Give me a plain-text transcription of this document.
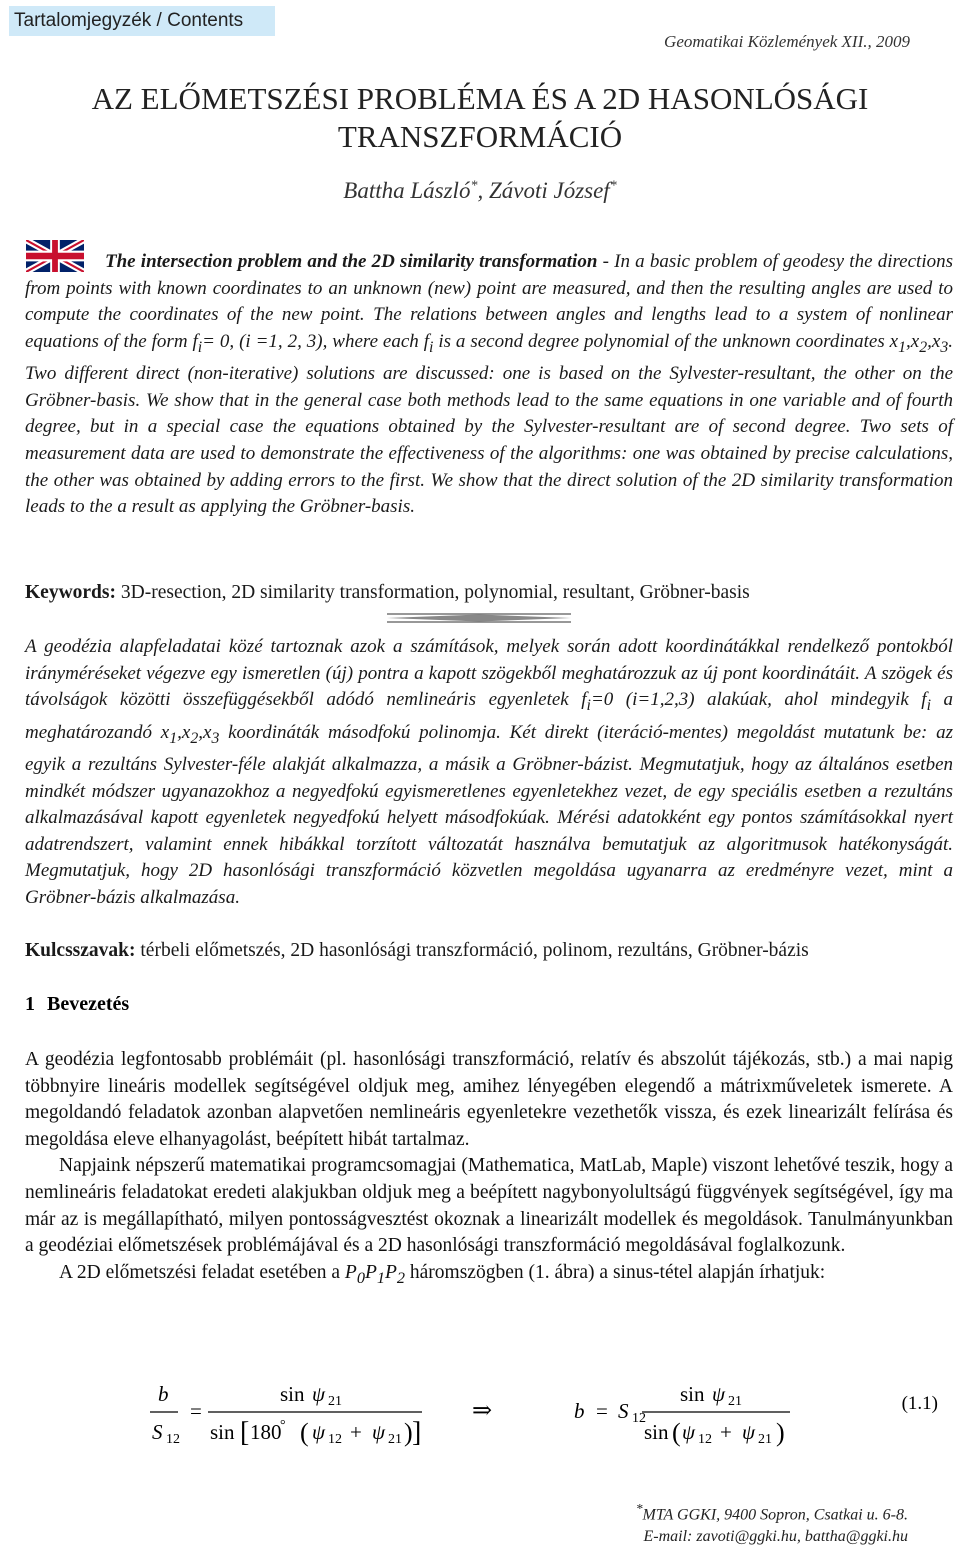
Tartalomjegyzék / Contents
Geomatikai Közlemények XII., 2009
AZ ELŐMETSZÉSI PROBLÉMA ÉS A 2D HASONLÓSÁGI
TRANSZFORMÁCIÓ
Battha László*, Závoti József*
The intersection problem and the 2D similarity transformation - In a basic problem of geodesy the directions from points with known coordinates to an unknown (new) point are measured, and then the resulting angles are used to compute the coordinates of the new point. The relations between angles and lengths lead to a system of nonlinear equations of the form $f_i= 0$, (i =1, 2, 3), where each $f_i$ is a second degree polynomial of the unknown coordinates $x_1,x_2,x_3$. Two different direct (non-iterative) solutions are discussed: one is based on the Sylvester-resultant, the other on the Gröbner-basis. We show that in the general case both methods lead to the same equations in one variable and of fourth degree, but in a special case the equations obtained by the Sylvester-resultant are of second degree. Two sets of measurement data are used to demonstrate the effectiveness of the algorithms: one was obtained by precise calculations, the other was obtained by adding errors to the first. We show that the direct solution of the 2D similarity transformation leads to the a result as applying the Gröbner-basis.
Keywords: 3D-resection, 2D similarity transformation, polynomial, resultant, Gröbner-basis
A geodézia alapfeladatai közé tartoznak azok a számítások, melyek során adott koordinátákkal rendelkező pontokból irányméréseket végezve egy ismeretlen (új) pontra a kapott szögekből meghatározzuk az új pont koordinátáit. A szögek és távolságok közötti összefüggésekből adódó nemlineáris egyenletek $f_i=0$ (i=1,2,3) alakúak, ahol mindegyik $f_i$ a meghatározandó $x_1,x_2,x_3$ koordináták másodfokú polinomja. Két direkt (iteráció-mentes) megoldást mutatunk be: az egyik a rezultáns Sylvester-féle alakját alkalmazza, a másik a Gröbner-bázist. Megmutatjuk, hogy az általános esetben mindkét módszer ugyanazokhoz a negyedfokú egyismeretlenes egyenletekhez vezet, de egy speciális esetben a rezultáns alkalmazásával kapott egyenletek negyedfokú helyett másodfokúak. Mérési adatokként egy pontos számításokkal nyert adatrendszert, valamint ennek hibákkal torzított változatát használva bemutatjuk az algoritmusok hatékonyságát. Megmutatjuk, hogy 2D hasonlósági transzformáció közvetlen megoldása ugyanarra az eredményre vezet, mint a Gröbner-bázis alkalmazása.
Kulcsszavak: térbeli előmetszés, 2D hasonlósági transzformáció, polinom, rezultáns, Gröbner-bázis
1 Bevezetés

A geodézia legfontosabb problémáit (pl. hasonlósági transzformáció, relatív és abszolút tájékozás, stb.) a mai napig többnyire lineáris modellek segítségével oldjuk meg, amihez lényegében elegendő a mátrixműveletek ismerete. A megoldandó feladatok azonban alapvetően nemlineáris egyenletekre vezethetők vissza, és ezek linearizált felírása és megoldása eleve elhanyagolást, beépített hibát tartalmaz.

Napjaink népszerű matematikai programcsomagjai (Mathematica, MatLab, Maple) viszont lehetővé teszik, hogy a nemlineáris feladatokat eredeti alakjukban oldjuk meg a beépített nagybonyolultságú függvények segítségével, így ma már az is megállapítható, milyen pontosságvesztést okoznak a linearizált modellek és megoldások. Tanulmányunkban a geodéziai előmetszések problémájával és a 2D hasonlósági transzformáció megoldásával foglalkozunk.

A 2D előmetszési feladat esetében a $P_0P_1P_2$ háromszögben (1. ábra) a sinus-tétel alapján írhatjuk:

b
S 12
=
sin ψ 21
sin [ 180
° ( ψ 12 + ψ 21 ) ]
⇒	b = S 12
sin ψ 21
sin ( ψ 12 + ψ 21 )
(1.1)
*MTA GGKI, 9400 Sopron, Csatkai u. 6-8.
E-mail: zavoti@ggki.hu, battha@ggki.hu
